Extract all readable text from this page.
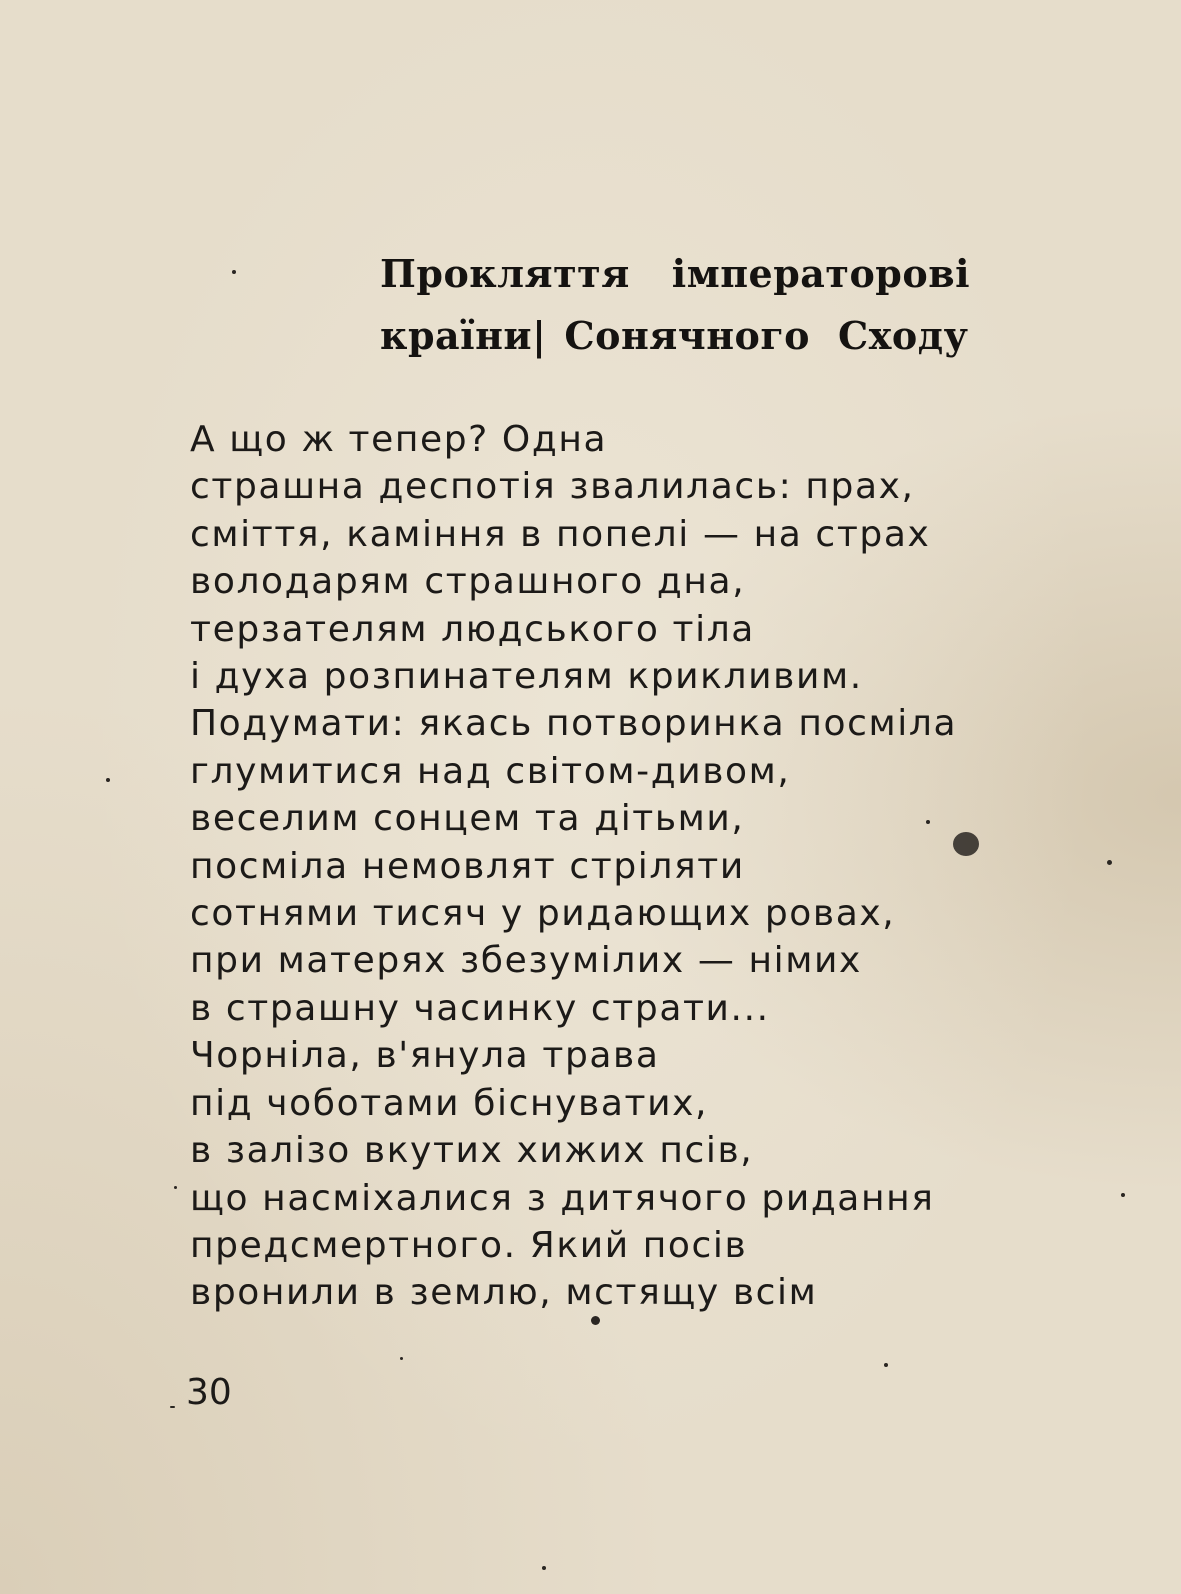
Прокляття імператорові
країни| Сонячного Сходу
А що ж тепер? Одна
страшна деспотія звалилась: прах,
сміття, каміння в попелі — на страх
володарям страшного дна,
терзателям людського тіла
і духа розпинателям крикливим.
Подумати: якась потворинка посміла
глумитися над світом-дивом,
веселим сонцем та дітьми,
посміла немовлят стріляти
сотнями тисяч у ридающих ровах,
при матерях збезумілих — німих
в страшну часинку страти...
Чорніла, в'янула трава
під чоботами біснуватих,
в залізо вкутих хижих псів,
що насміхалися з дитячого ридання
предсмертного. Який посів
вронили в землю, мстящу всім
30
